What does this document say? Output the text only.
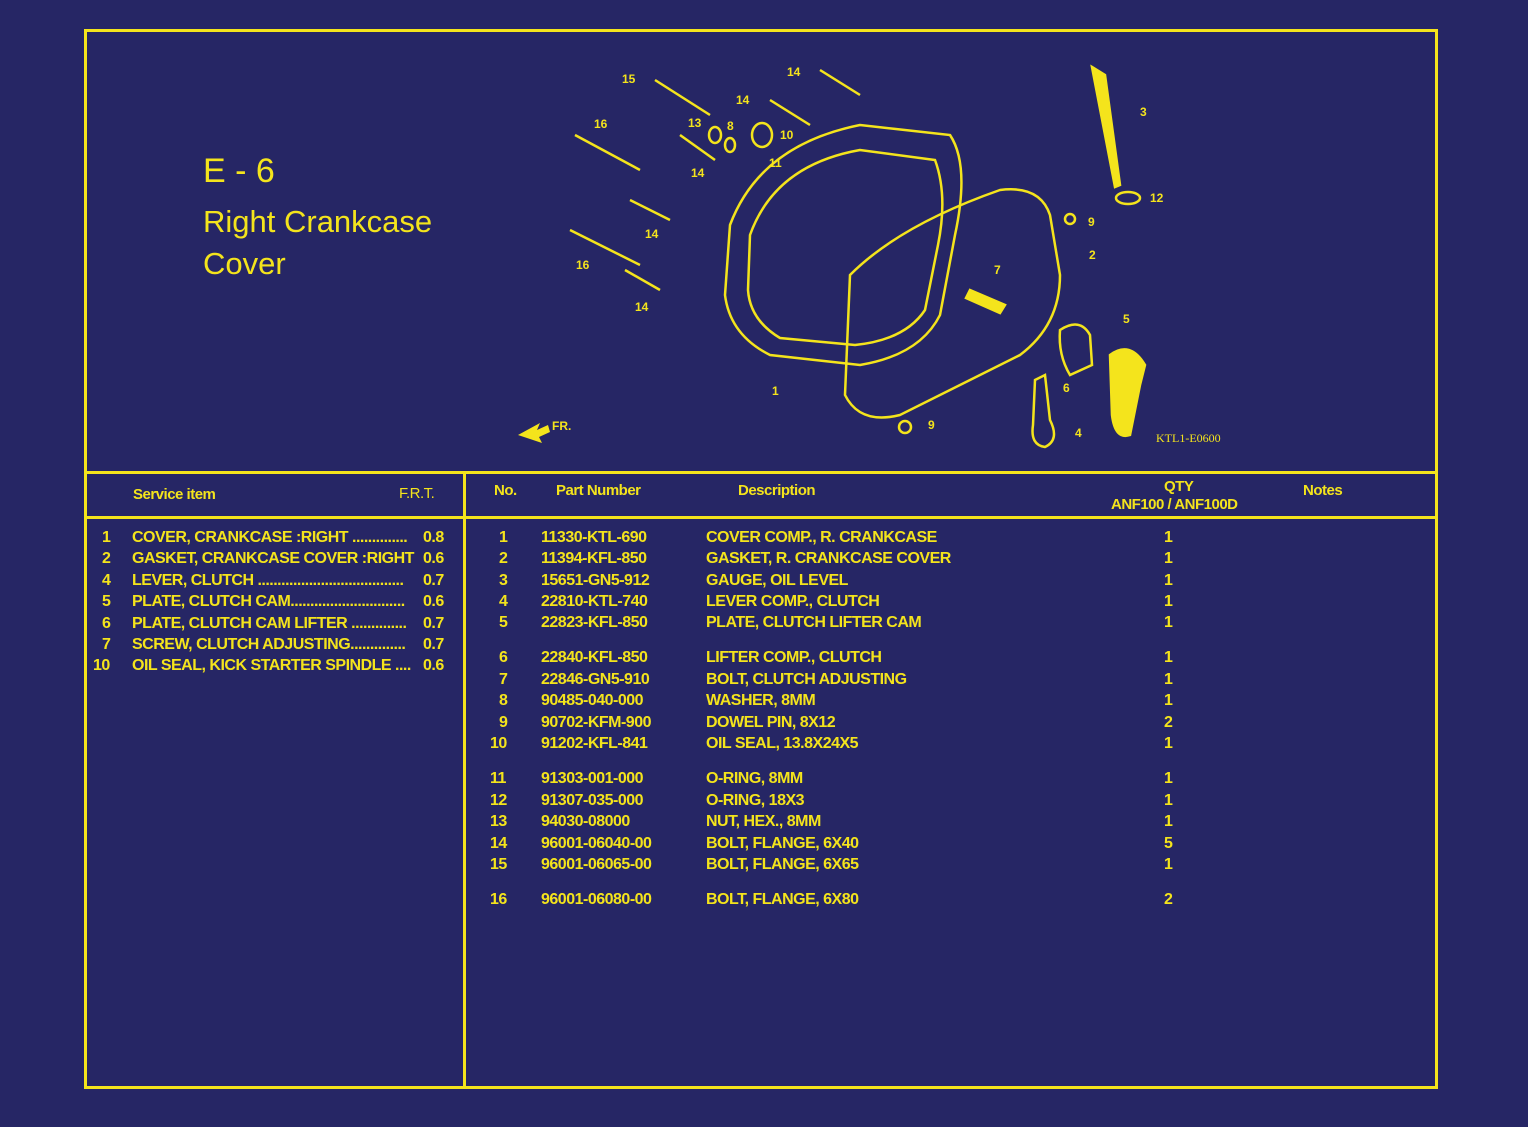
E - 6
Right Crankcase
Cover
FR.
KTL1-E0600
15	14
14
16	13 8
10
11
14
14
16
14
3
12
9
2
7
5
6
1
4
9
Service item	F.R.T.	No.	Part Number	Description	QTY
ANF100 / ANF100D
Notes
1 COVER, CRANKCASE :RIGHT .............. 0.8
2 GASKET, CRANKCASE COVER :RIGHT 0.6
4 LEVER, CLUTCH .....................................	0.7
5 PLATE, CLUTCH CAM.............................	0.6
6 PLATE, CLUTCH CAM LIFTER ..............	0.7
7 SCREW, CLUTCH ADJUSTING..............	0.7
10 OIL SEAL, KICK STARTER SPINDLE .... 0.6
1 11330-KTL-690	COVER COMP., R. CRANKCASE	1
2 11394-KFL-850	GASKET, R. CRANKCASE COVER	1
3 15651-GN5-912	GAUGE, OIL LEVEL	1
4 22810-KTL-740	LEVER COMP., CLUTCH	1
5 22823-KFL-850	PLATE, CLUTCH LIFTER CAM	1
6 22840-KFL-850	LIFTER COMP., CLUTCH	1
7 22846-GN5-910	BOLT, CLUTCH ADJUSTING	1
8 90485-040-000	WASHER, 8MM	1
9 90702-KFM-900	DOWEL PIN, 8X12	2
10 91202-KFL-841	OIL SEAL, 13.8X24X5	1
11 91303-001-000	O-RING, 8MM	1
12 91307-035-000	O-RING, 18X3	1
13 94030-08000	NUT, HEX., 8MM	1
14 96001-06040-00	BOLT, FLANGE, 6X40	5
15 96001-06065-00	BOLT, FLANGE, 6X65	1
16 96001-06080-00	BOLT, FLANGE, 6X80	2
